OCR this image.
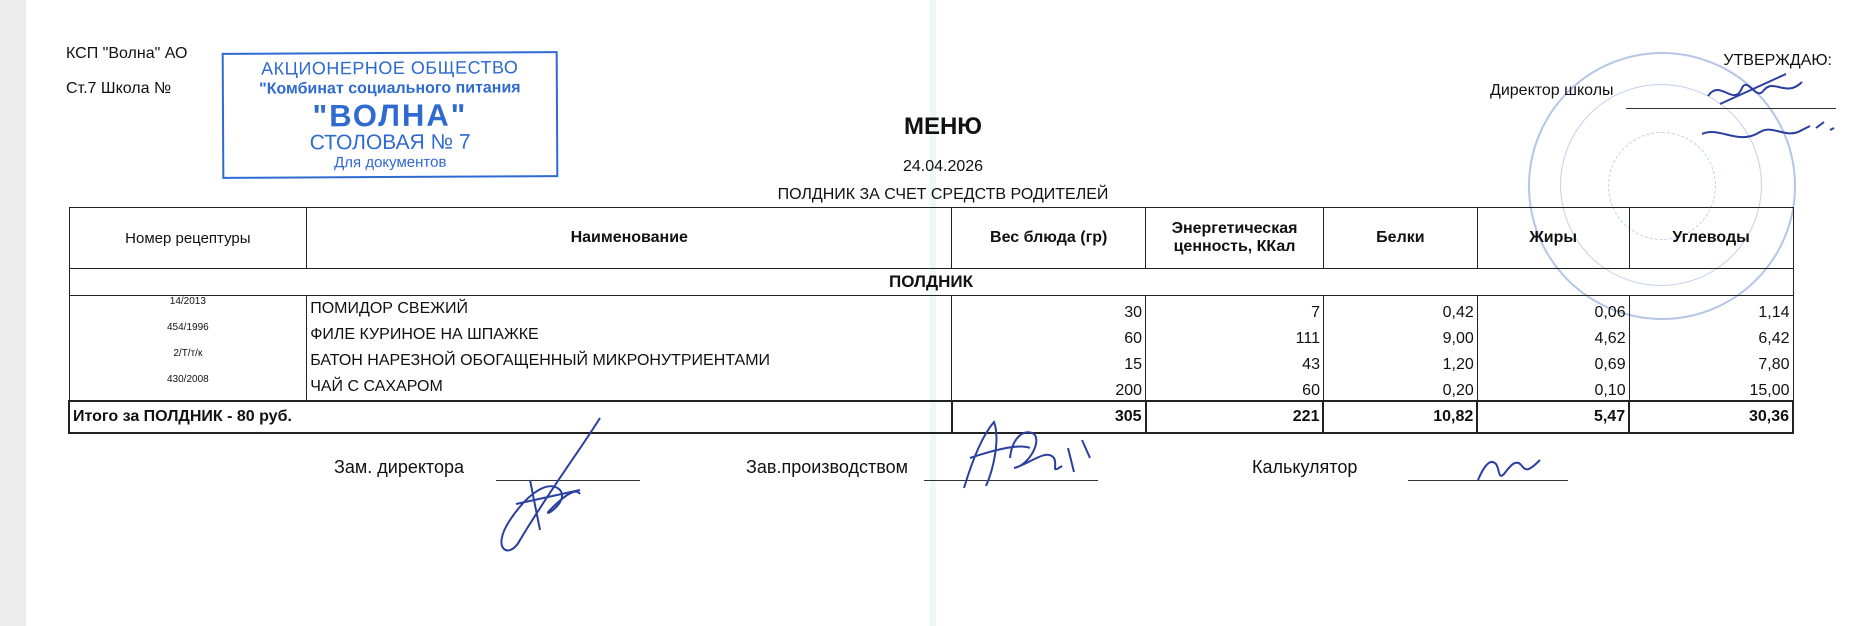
КСП "Волна" АО
Ст.7 Школа №
АКЦИОНЕРНОЕ ОБЩЕСТВО
"Комбинат социального питания
"ВОЛНА"
СТОЛОВАЯ № 7
Для документов
УТВЕРЖДАЮ:
Директор школы
МЕНЮ
24.04.2026
ПОЛДНИК ЗА СЧЕТ СРЕДСТВ РОДИТЕЛЕЙ
Номер рецептуры	Наименование	Вес блюда (гр)	Энергетическая ценность, ККал	Белки	Жиры	Углеводы
ПОЛДНИК						
14/2013	ПОМИДОР СВЕЖИЙ	30	7	0,42	0,06	1,14
454/1996	ФИЛЕ КУРИНОЕ НА ШПАЖКЕ	60	111	9,00	4,62	6,42
2/Т/т/к	БАТОН НАРЕЗНОЙ ОБОГАЩЕННЫЙ МИКРОНУТРИЕНТАМИ	15	43	1,20	0,69	7,80
430/2008	ЧАЙ С САХАРОМ	200	60	0,20	0,10	15,00
Итого за ПОЛДНИК - 80 руб.		305	221	10,82	5,47	30,36
Зам. директора	Зав.производством	Калькулятор
